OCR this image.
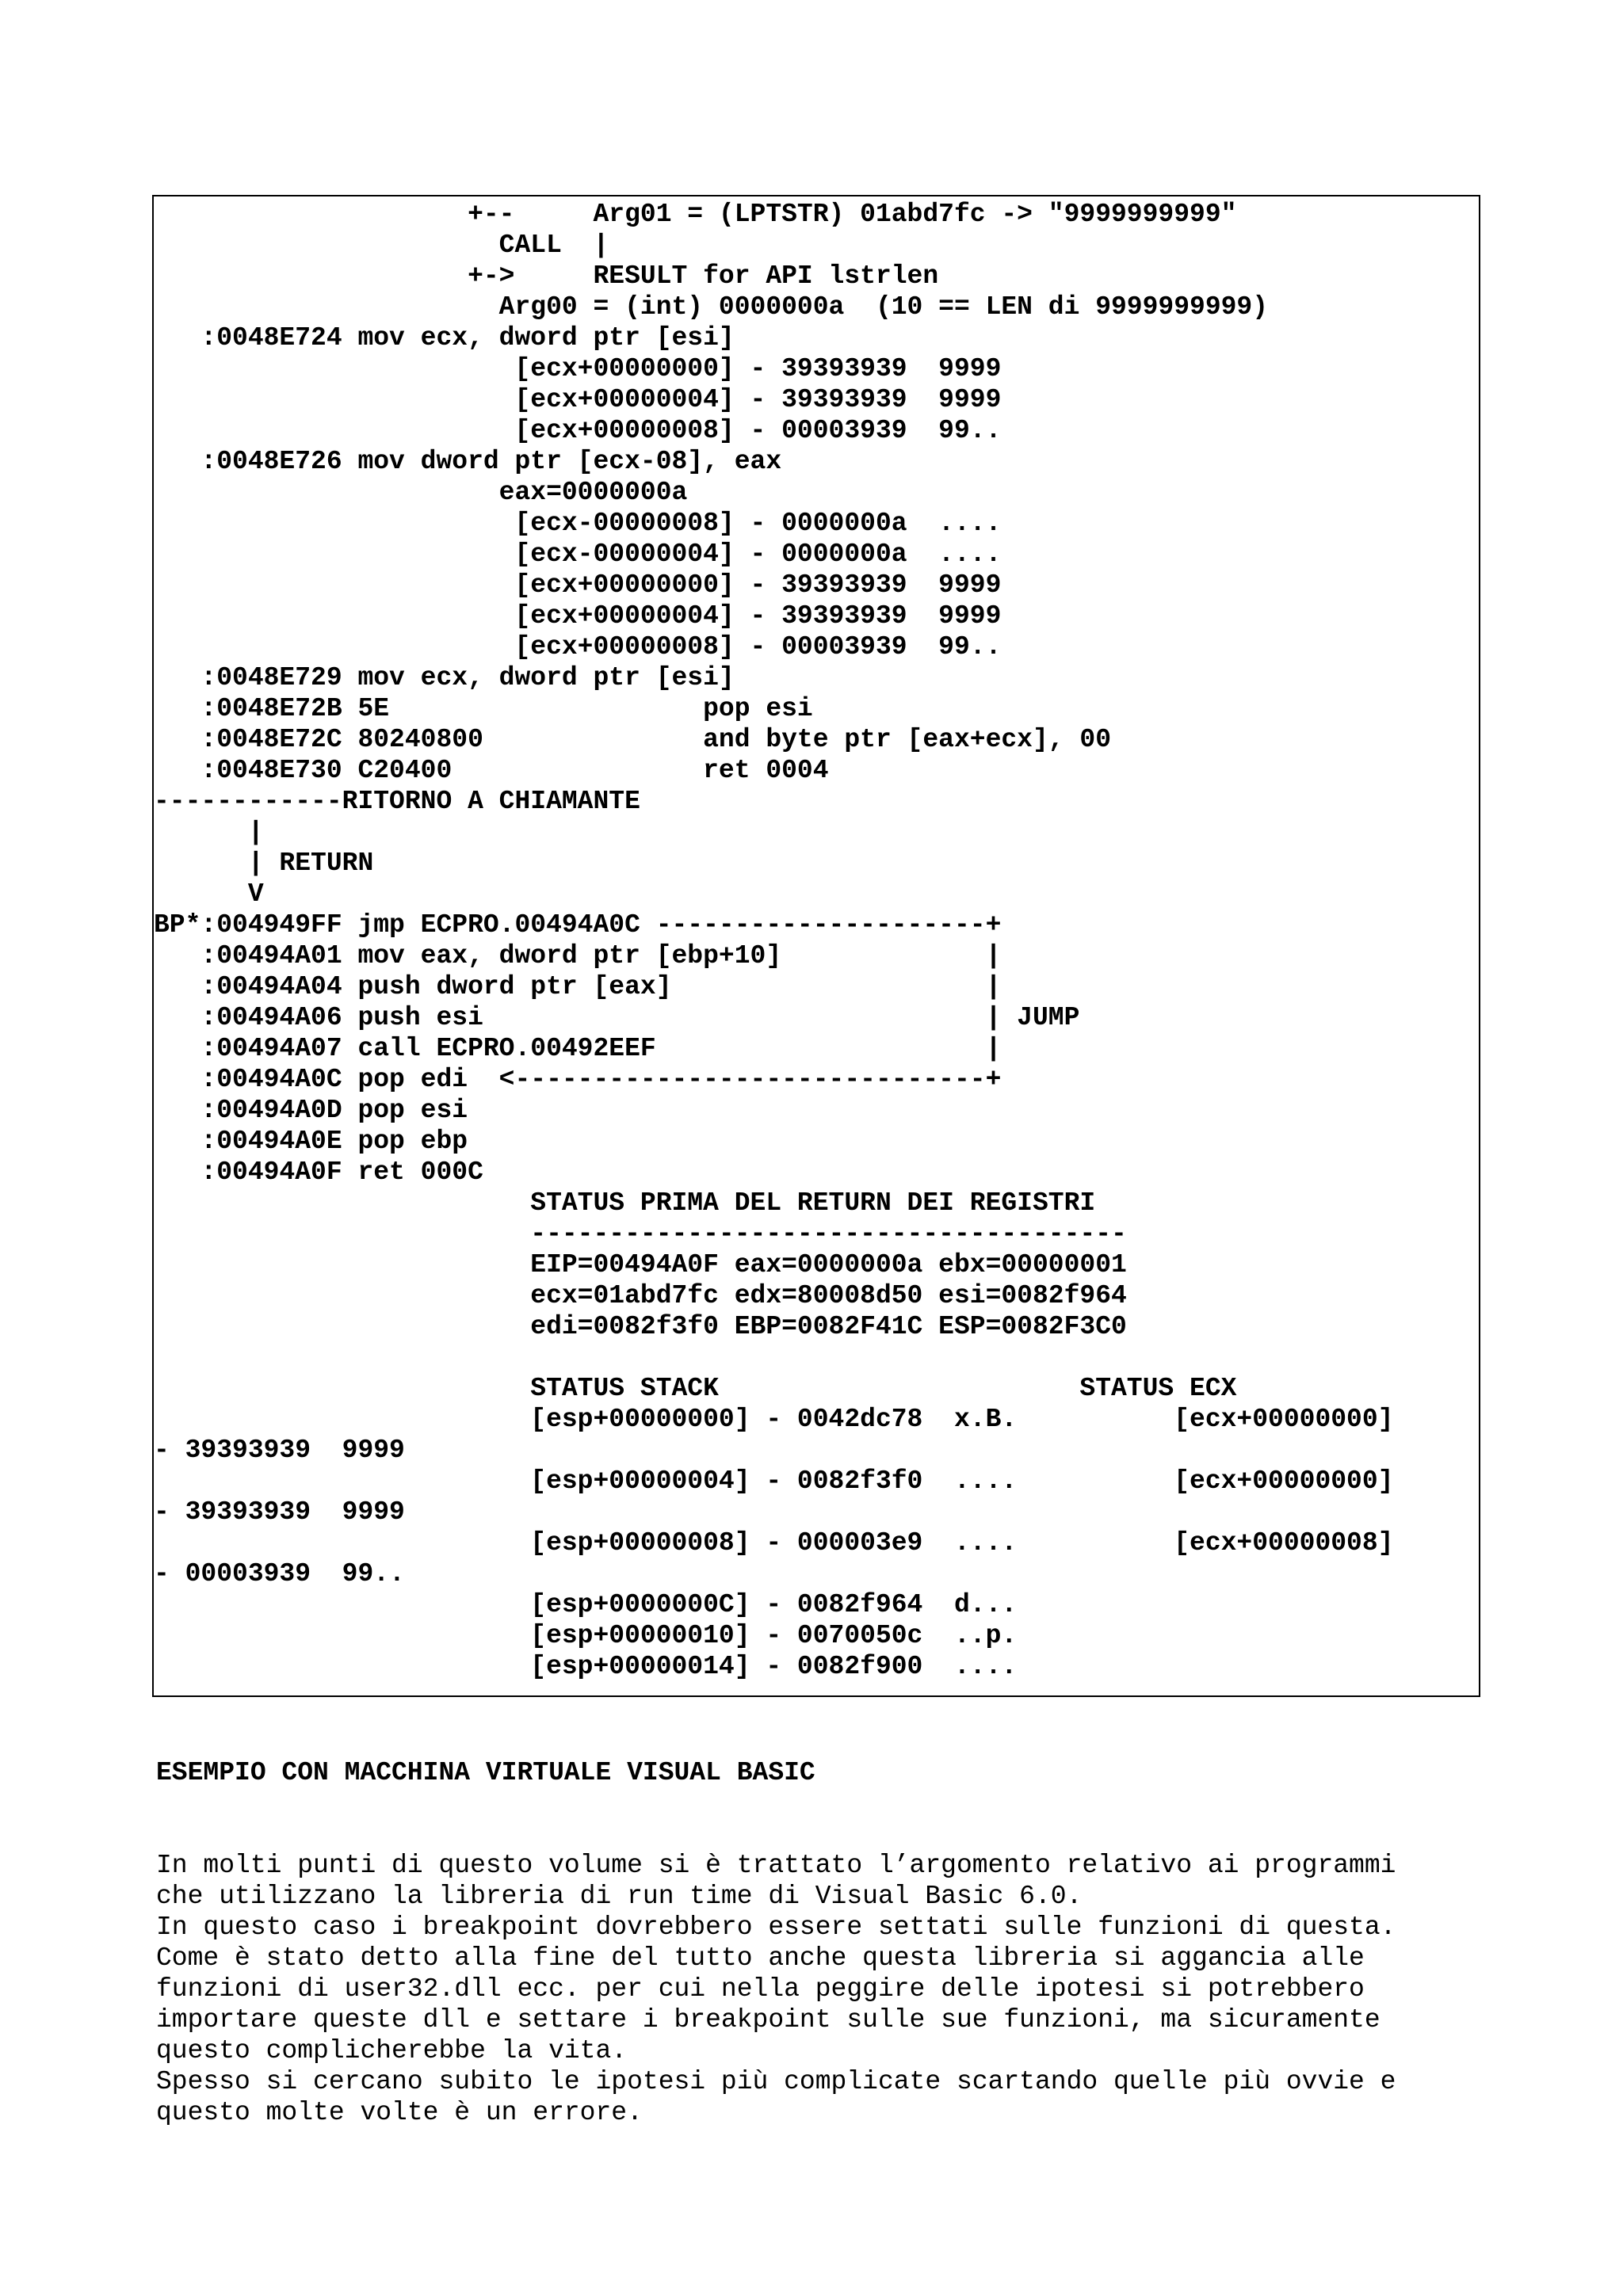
+--     Arg01 = (LPTSTR) 01abd7fc -> "9999999999"
CALL  |
+->     RESULT for API lstrlen
Arg00 = (int) 0000000a  (10 == LEN di 9999999999)
:0048E724 mov ecx, dword ptr [esi]
[ecx+00000000] - 39393939  9999
[ecx+00000004] - 39393939  9999
[ecx+00000008] - 00003939  99..
:0048E726 mov dword ptr [ecx-08], eax
eax=0000000a
[ecx-00000008] - 0000000a  ....
[ecx-00000004] - 0000000a  ....
[ecx+00000000] - 39393939  9999
[ecx+00000004] - 39393939  9999
[ecx+00000008] - 00003939  99..
:0048E729 mov ecx, dword ptr [esi]
:0048E72B 5E                    pop esi
:0048E72C 80240800              and byte ptr [eax+ecx], 00
:0048E730 C20400                ret 0004
------------RITORNO A CHIAMANTE
|
| RETURN
V
BP*:004949FF jmp ECPRO.00494A0C ---------------------+
:00494A01 mov eax, dword ptr [ebp+10]             |
:00494A04 push dword ptr [eax]                    |
:00494A06 push esi                                | JUMP
:00494A07 call ECPRO.00492EEF                     |
:00494A0C pop edi  <------------------------------+
:00494A0D pop esi
:00494A0E pop ebp
:00494A0F ret 000C
STATUS PRIMA DEL RETURN DEI REGISTRI
--------------------------------------
EIP=00494A0F eax=0000000a ebx=00000001
ecx=01abd7fc edx=80008d50 esi=0082f964
edi=0082f3f0 EBP=0082F41C ESP=0082F3C0
STATUS STACK                       STATUS ECX
[esp+00000000] - 0042dc78  x.B.          [ecx+00000000]
- 39393939  9999
[esp+00000004] - 0082f3f0  ....          [ecx+00000000]
- 39393939  9999
[esp+00000008] - 000003e9  ....          [ecx+00000008]
- 00003939  99..
[esp+0000000C] - 0082f964  d...
[esp+00000010] - 0070050c  ..p.
[esp+00000014] - 0082f900  ....
ESEMPIO CON MACCHINA VIRTUALE VISUAL BASIC
In molti punti di questo volume si è trattato l’argomento relativo ai programmi
che utilizzano la libreria di run time di Visual Basic 6.0.
In questo caso i breakpoint dovrebbero essere settati sulle funzioni di questa.
Come è stato detto alla fine del tutto anche questa libreria si aggancia alle
funzioni di user32.dll ecc. per cui nella peggire delle ipotesi si potrebbero
importare queste dll e settare i breakpoint sulle sue funzioni, ma sicuramente
questo complicherebbe la vita.
Spesso si cercano subito le ipotesi più complicate scartando quelle più ovvie e
questo molte volte è un errore.
